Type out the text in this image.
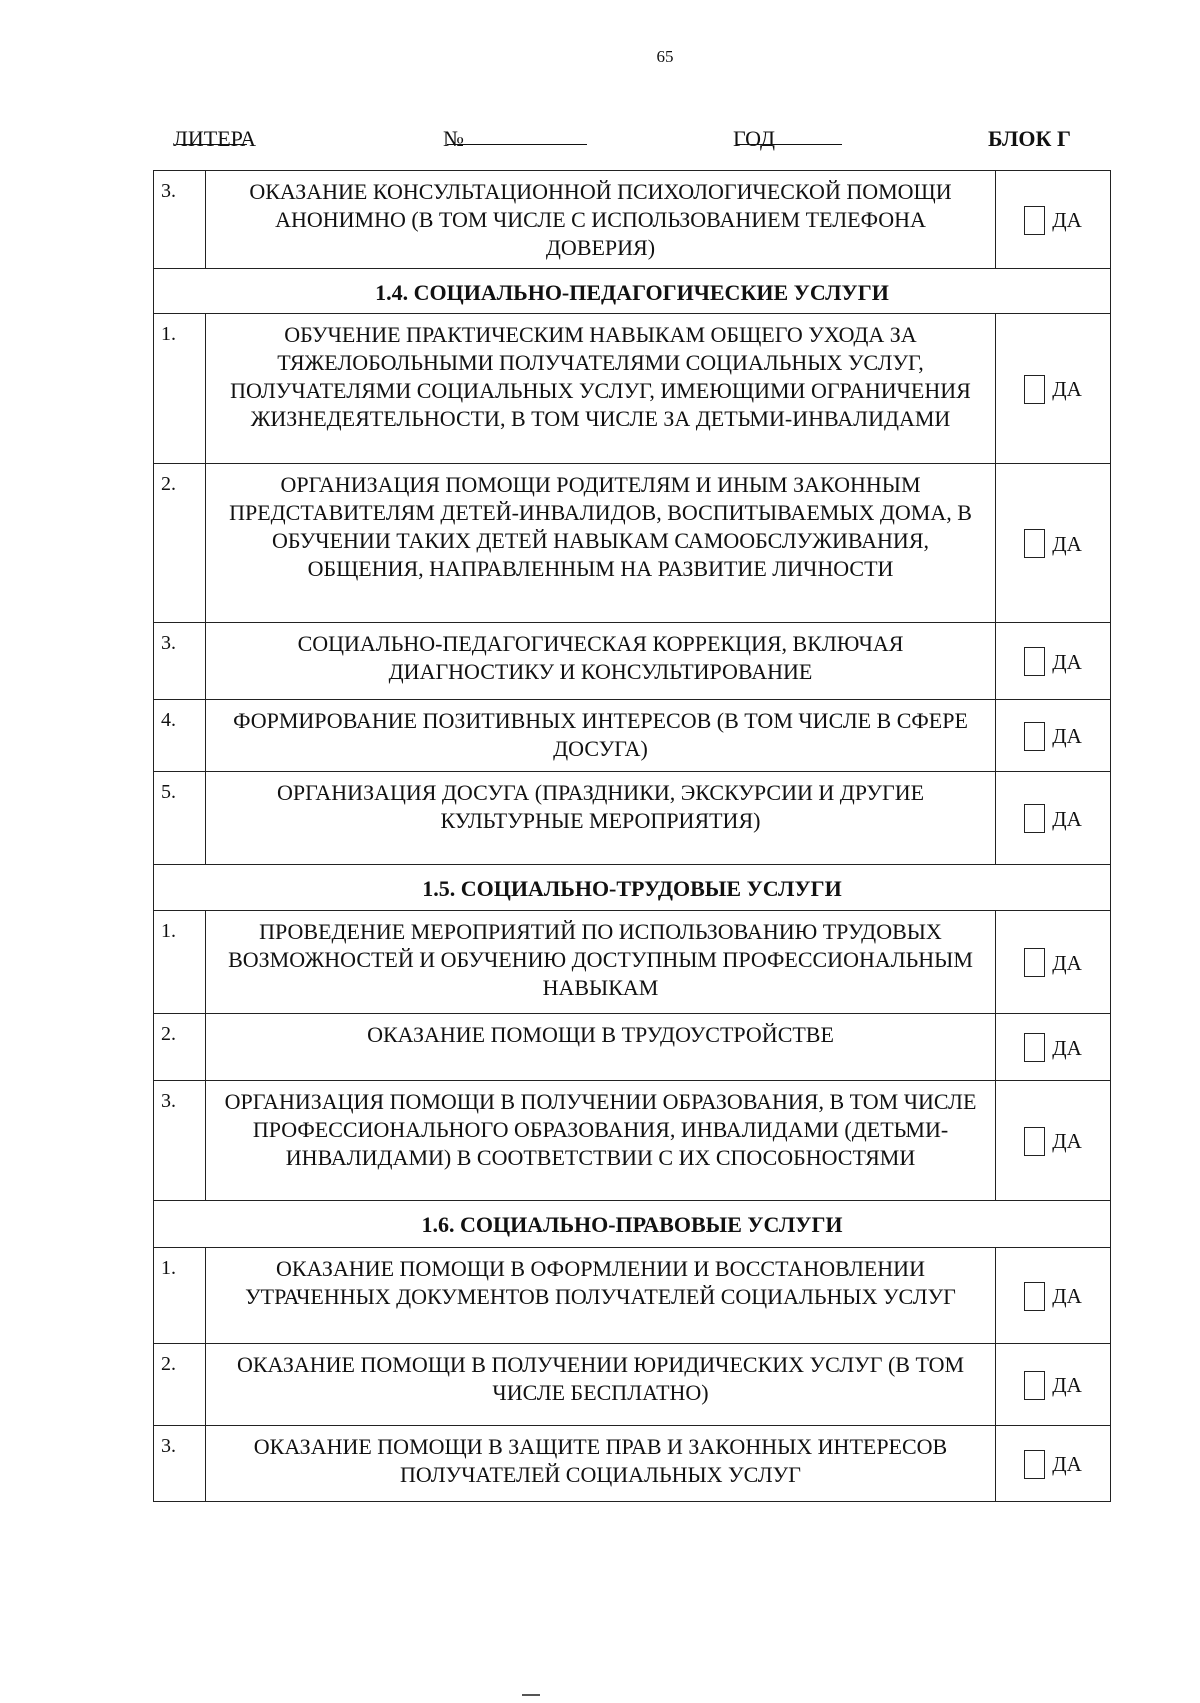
65
ЛИТЕРА	№	ГОД	БЛОК Г
3.	ОКАЗАНИЕ КОНСУЛЬТАЦИОННОЙ ПСИХОЛОГИЧЕСКОЙ ПОМОЩИ АНОНИМНО (В ТОМ ЧИСЛЕ С ИСПОЛЬЗОВАНИЕМ ТЕЛЕФОНА ДОВЕРИЯ)	ДА
1.4. СОЦИАЛЬНО-ПЕДАГОГИЧЕСКИЕ УСЛУГИ		
1.	ОБУЧЕНИЕ ПРАКТИЧЕСКИМ НАВЫКАМ ОБЩЕГО УХОДА ЗА ТЯЖЕЛОБОЛЬНЫМИ ПОЛУЧАТЕЛЯМИ СОЦИАЛЬНЫХ УСЛУГ, ПОЛУЧАТЕЛЯМИ СОЦИАЛЬНЫХ УСЛУГ, ИМЕЮЩИМИ ОГРАНИЧЕНИЯ ЖИЗНЕДЕЯТЕЛЬНОСТИ, В ТОМ ЧИСЛЕ ЗА ДЕТЬМИ-ИНВАЛИДАМИ	ДА
2.	ОРГАНИЗАЦИЯ ПОМОЩИ РОДИТЕЛЯМ И ИНЫМ ЗАКОННЫМ ПРЕДСТАВИТЕЛЯМ ДЕТЕЙ-ИНВАЛИДОВ, ВОСПИТЫВАЕМЫХ ДОМА, В ОБУЧЕНИИ ТАКИХ ДЕТЕЙ НАВЫКАМ САМООБСЛУЖИВАНИЯ, ОБЩЕНИЯ, НАПРАВЛЕННЫМ НА РАЗВИТИЕ ЛИЧНОСТИ	ДА
3.	СОЦИАЛЬНО-ПЕДАГОГИЧЕСКАЯ КОРРЕКЦИЯ, ВКЛЮЧАЯ ДИАГНОСТИКУ И КОНСУЛЬТИРОВАНИЕ	ДА
4.	ФОРМИРОВАНИЕ ПОЗИТИВНЫХ ИНТЕРЕСОВ (В ТОМ ЧИСЛЕ В СФЕРЕ ДОСУГА)	ДА
5.	ОРГАНИЗАЦИЯ ДОСУГА (ПРАЗДНИКИ, ЭКСКУРСИИ И ДРУГИЕ КУЛЬТУРНЫЕ МЕРОПРИЯТИЯ)	ДА
1.5. СОЦИАЛЬНО-ТРУДОВЫЕ УСЛУГИ		
1.	ПРОВЕДЕНИЕ МЕРОПРИЯТИЙ ПО ИСПОЛЬЗОВАНИЮ ТРУДОВЫХ ВОЗМОЖНОСТЕЙ И ОБУЧЕНИЮ ДОСТУПНЫМ ПРОФЕССИОНАЛЬНЫМ НАВЫКАМ	ДА
2.	ОКАЗАНИЕ ПОМОЩИ В ТРУДОУСТРОЙСТВЕ	ДА
3.	ОРГАНИЗАЦИЯ ПОМОЩИ В ПОЛУЧЕНИИ ОБРАЗОВАНИЯ, В ТОМ ЧИСЛЕ ПРОФЕССИОНАЛЬНОГО ОБРАЗОВАНИЯ, ИНВАЛИДАМИ (ДЕТЬМИ-ИНВАЛИДАМИ) В СООТВЕТСТВИИ С ИХ СПОСОБНОСТЯМИ	ДА
1.6. СОЦИАЛЬНО-ПРАВОВЫЕ УСЛУГИ		
1.	ОКАЗАНИЕ ПОМОЩИ В ОФОРМЛЕНИИ И ВОССТАНОВЛЕНИИ УТРАЧЕННЫХ ДОКУМЕНТОВ ПОЛУЧАТЕЛЕЙ СОЦИАЛЬНЫХ УСЛУГ	ДА
2.	ОКАЗАНИЕ ПОМОЩИ В ПОЛУЧЕНИИ ЮРИДИЧЕСКИХ УСЛУГ (В ТОМ ЧИСЛЕ БЕСПЛАТНО)	ДА
3.	ОКАЗАНИЕ ПОМОЩИ В ЗАЩИТЕ ПРАВ И ЗАКОННЫХ ИНТЕРЕСОВ ПОЛУЧАТЕЛЕЙ СОЦИАЛЬНЫХ УСЛУГ	ДА
